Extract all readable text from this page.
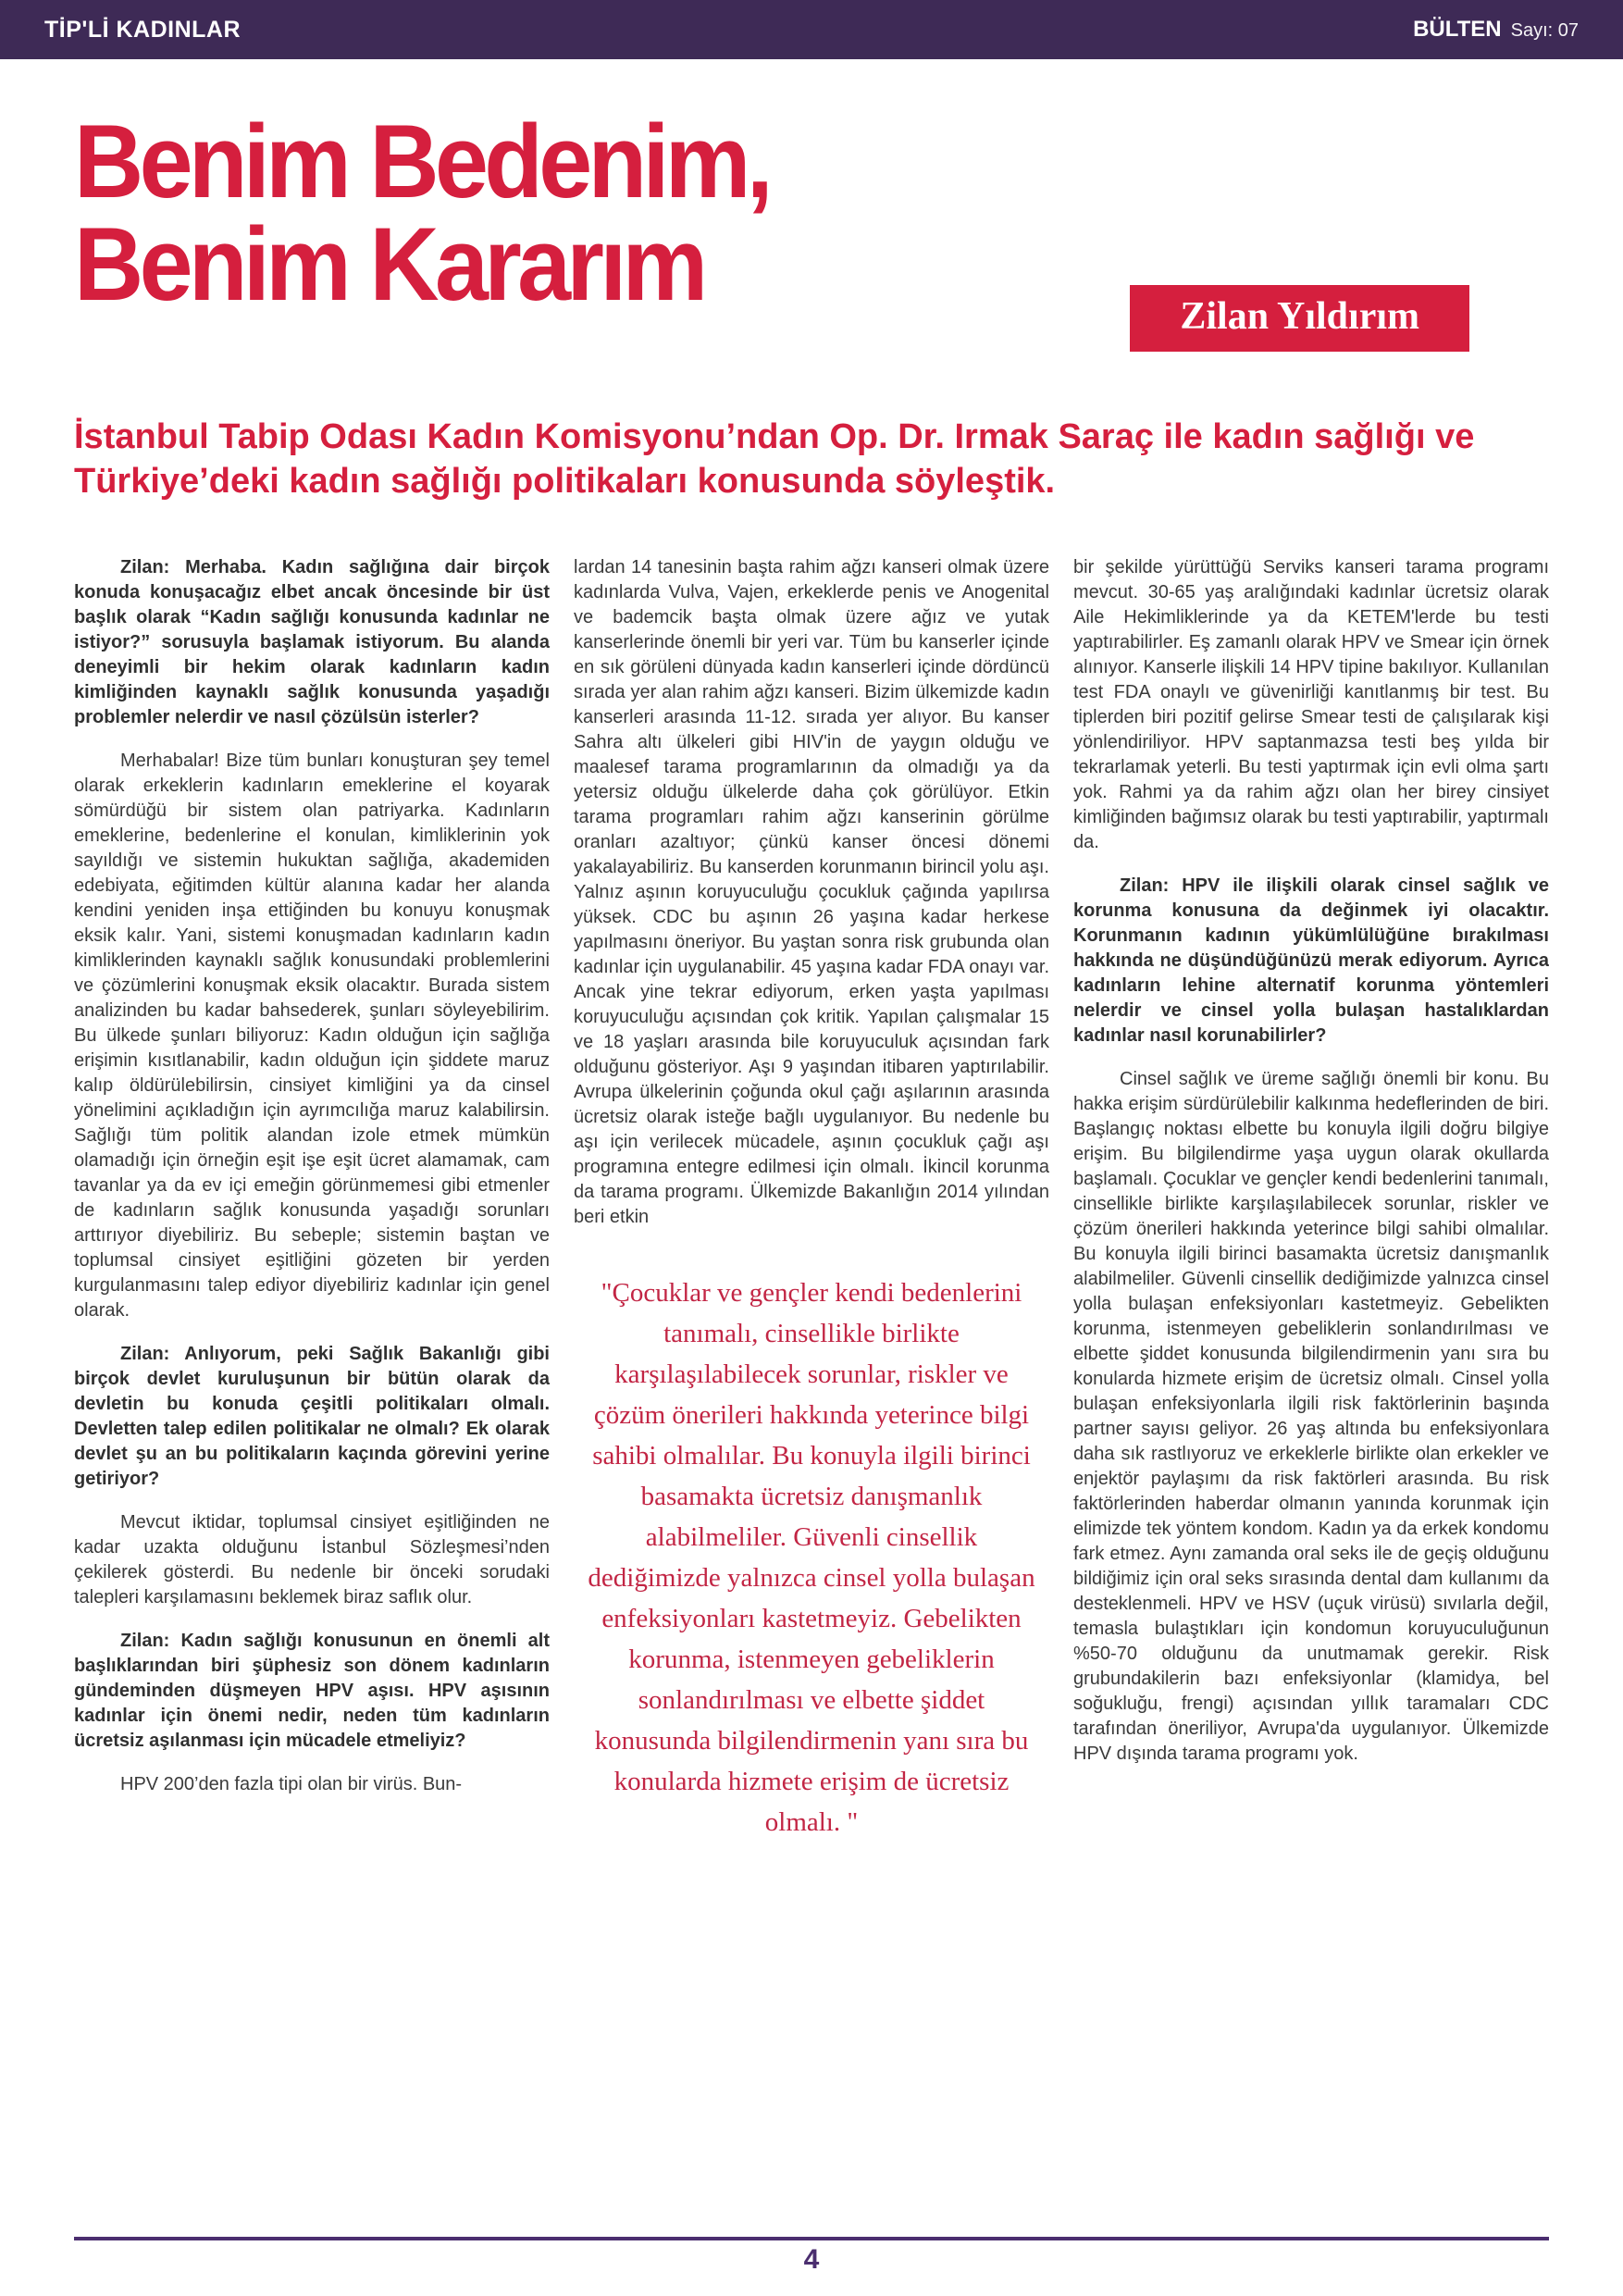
TİP'Lİ KADINLAR	BÜLTEN Sayı: 07
Benim Bedenim,
Benim Kararım	Zilan Yıldırım

İstanbul Tabip Odası Kadın Komisyonu’ndan Op. Dr. Irmak Saraç ile kadın sağlığı ve Türkiye’deki kadın sağlığı politikaları konusunda söyleştik.

Zilan: Merhaba. Kadın sağlığına dair birçok konuda konuşacağız elbet ancak öncesinde bir üst başlık olarak “Kadın sağlığı konusunda kadınlar ne istiyor?” sorusuyla başlamak istiyorum. Bu alanda deneyimli bir hekim olarak kadınların kadın kimliğinden kaynaklı sağlık konusunda yaşadığı problemler nelerdir ve nasıl çözülsün isterler?

Merhabalar! Bize tüm bunları konuşturan şey temel olarak erkeklerin kadınların emeklerine el koyarak sömürdüğü bir sistem olan patriyarka. Kadınların emeklerine, bedenlerine el konulan, kimliklerinin yok sayıldığı ve sistemin hukuktan sağlığa, akademiden edebiyata, eğitimden kültür alanına kadar her alanda kendini yeniden inşa ettiğinden bu konuyu konuşmak eksik kalır. Yani, sistemi konuşmadan kadınların kadın kimliklerinden kaynaklı sağlık konusundaki problemlerini ve çözümlerini konuşmak eksik olacaktır. Burada sistem analizinden bu kadar bahsederek, şunları söyleyebilirim. Bu ülkede şunları biliyoruz: Kadın olduğun için sağlığa erişimin kısıtlanabilir, kadın olduğun için şiddete maruz kalıp öldürülebilirsin, cinsiyet kimliğini ya da cinsel yönelimini açıkladığın için ayrımcılığa maruz kalabilirsin. Sağlığı tüm politik alandan izole etmek mümkün olamadığı için örneğin eşit işe eşit ücret alamamak, cam tavanlar ya da ev içi emeğin görünmemesi gibi etmenler de kadınların sağlık konusunda yaşadığı sorunları arttırıyor diyebiliriz. Bu sebeple; sistemin baştan ve toplumsal cinsiyet eşitliğini gözeten bir yerden kurgulanmasını talep ediyor diyebiliriz kadınlar için genel olarak.

Zilan: Anlıyorum, peki Sağlık Bakanlığı gibi birçok devlet kuruluşunun bir bütün olarak da devletin bu konuda çeşitli politikaları olmalı. Devletten talep edilen politikalar ne olmalı? Ek olarak devlet şu an bu politikaların kaçında görevini yerine getiriyor?

Mevcut iktidar, toplumsal cinsiyet eşitliğinden ne kadar uzakta olduğunu İstanbul Sözleşmesi’nden çekilerek gösterdi. Bu nedenle bir önceki sorudaki talepleri karşılamasını beklemek biraz saflık olur.

Zilan: Kadın sağlığı konusunun en önemli alt başlıklarından biri şüphesiz son dönem kadınların gündeminden düşmeyen HPV aşısı. HPV aşısının kadınlar için önemi nedir, neden tüm kadınların ücretsiz aşılanması için mücadele etmeliyiz?

HPV 200’den fazla tipi olan bir virüs. Bun-

lardan 14 tanesinin başta rahim ağzı kanseri olmak üzere kadınlarda Vulva, Vajen, erkeklerde penis ve Anogenital ve bademcik başta olmak üzere ağız ve yutak kanserlerinde önemli bir yeri var. Tüm bu kanserler içinde en sık görüleni dünyada kadın kanserleri içinde dördüncü sırada yer alan rahim ağzı kanseri. Bizim ülkemizde kadın kanserleri arasında 11-12. sırada yer alıyor. Bu kanser Sahra altı ülkeleri gibi HIV'in de yaygın olduğu ve maalesef tarama programlarının da olmadığı ya da yetersiz olduğu ülkelerde daha çok görülüyor. Etkin tarama programları rahim ağzı kanserinin görülme oranları azaltıyor; çünkü kanser öncesi dönemi yakalayabiliriz. Bu kanserden korunmanın birincil yolu aşı. Yalnız aşının koruyuculuğu çocukluk çağında yapılırsa yüksek. CDC bu aşının 26 yaşına kadar herkese yapılmasını öneriyor. Bu yaştan sonra risk grubunda olan kadınlar için uygulanabilir. 45 yaşına kadar FDA onayı var. Ancak yine tekrar ediyorum, erken yaşta yapılması koruyuculuğu açısından çok kritik. Yapılan çalışmalar 15 ve 18 yaşları arasında bile koruyuculuk açısından fark olduğunu gösteriyor. Aşı 9 yaşından itibaren yaptırılabilir. Avrupa ülkelerinin çoğunda okul çağı aşılarının arasında ücretsiz olarak isteğe bağlı uygulanıyor. Bu nedenle bu aşı için verilecek mücadele, aşının çocukluk çağı aşı programına entegre edilmesi için olmalı. İkincil korunma da tarama programı. Ülkemizde Bakanlığın 2014 yılından beri etkin

"Çocuklar ve gençler kendi bedenlerini tanımalı, cinsellikle birlikte karşılaşılabilecek sorunlar, riskler ve çözüm önerileri hakkında yeterince bilgi sahibi olmalılar. Bu konuyla ilgili birinci basamakta ücretsiz danışmanlık alabilmeliler. Güvenli cinsellik dediğimizde yalnızca cinsel yolla bulaşan enfeksiyonları kastetmeyiz. Gebelikten korunma, istenmeyen gebeliklerin sonlandırılması ve elbette şiddet konusunda bilgilendirmenin yanı sıra bu konularda hizmete erişim de ücretsiz olmalı. "

bir şekilde yürüttüğü Serviks kanseri tarama programı mevcut. 30-65 yaş aralığındaki kadınlar ücretsiz olarak Aile Hekimliklerinde ya da KETEM'lerde bu testi yaptırabilirler. Eş zamanlı olarak HPV ve Smear için örnek alınıyor. Kanserle ilişkili 14 HPV tipine bakılıyor. Kullanılan test FDA onaylı ve güvenirliği kanıtlanmış bir test. Bu tiplerden biri pozitif gelirse Smear testi de çalışılarak kişi yönlendiriliyor. HPV saptanmazsa testi beş yılda bir tekrarlamak yeterli. Bu testi yaptırmak için evli olma şartı yok. Rahmi ya da rahim ağzı olan her birey cinsiyet kimliğinden bağımsız olarak bu testi yaptırabilir, yaptırmalı da.

Zilan: HPV ile ilişkili olarak cinsel sağlık ve korunma konusuna da değinmek iyi olacaktır. Korunmanın kadının yükümlülüğüne bırakılması hakkında ne düşündüğünüzü merak ediyorum. Ayrıca kadınların lehine alternatif korunma yöntemleri nelerdir ve cinsel yolla bulaşan hastalıklardan kadınlar nasıl korunabilirler?

Cinsel sağlık ve üreme sağlığı önemli bir konu. Bu hakka erişim sürdürülebilir kalkınma hedeflerinden de biri. Başlangıç noktası elbette bu konuyla ilgili doğru bilgiye erişim. Bu bilgilendirme yaşa uygun olarak okullarda başlamalı. Çocuklar ve gençler kendi bedenlerini tanımalı, cinsellikle birlikte karşılaşılabilecek sorunlar, riskler ve çözüm önerileri hakkında yeterince bilgi sahibi olmalılar. Bu konuyla ilgili birinci basamakta ücretsiz danışmanlık alabilmeliler. Güvenli cinsellik dediğimizde yalnızca cinsel yolla bulaşan enfeksiyonları kastetmeyiz. Gebelikten korunma, istenmeyen gebeliklerin sonlandırılması ve elbette şiddet konusunda bilgilendirmenin yanı sıra bu konularda hizmete erişim de ücretsiz olmalı. Cinsel yolla bulaşan enfeksiyonlarla ilgili risk faktörlerinin başında partner sayısı geliyor. 26 yaş altında bu enfeksiyonlara daha sık rastlıyoruz ve erkeklerle birlikte olan erkekler ve enjektör paylaşımı da risk faktörleri arasında. Bu risk faktörlerinden haberdar olmanın yanında korunmak için elimizde tek yöntem kondom. Kadın ya da erkek kondomu fark etmez. Aynı zamanda oral seks ile de geçiş olduğunu bildiğimiz için oral seks sırasında dental dam kullanımı da desteklenmeli. HPV ve HSV (uçuk virüsü) sıvılarla değil, temasla bulaştıkları için kondomun koruyuculuğunun %50-70 olduğunu da unutmamak gerekir. Risk grubundakilerin bazı enfeksiyonlar (klamidya, bel soğukluğu, frengi) açısından yıllık taramaları CDC tarafından öneriliyor, Avrupa'da uygulanıyor. Ülkemizde HPV dışında tarama programı yok.

4
